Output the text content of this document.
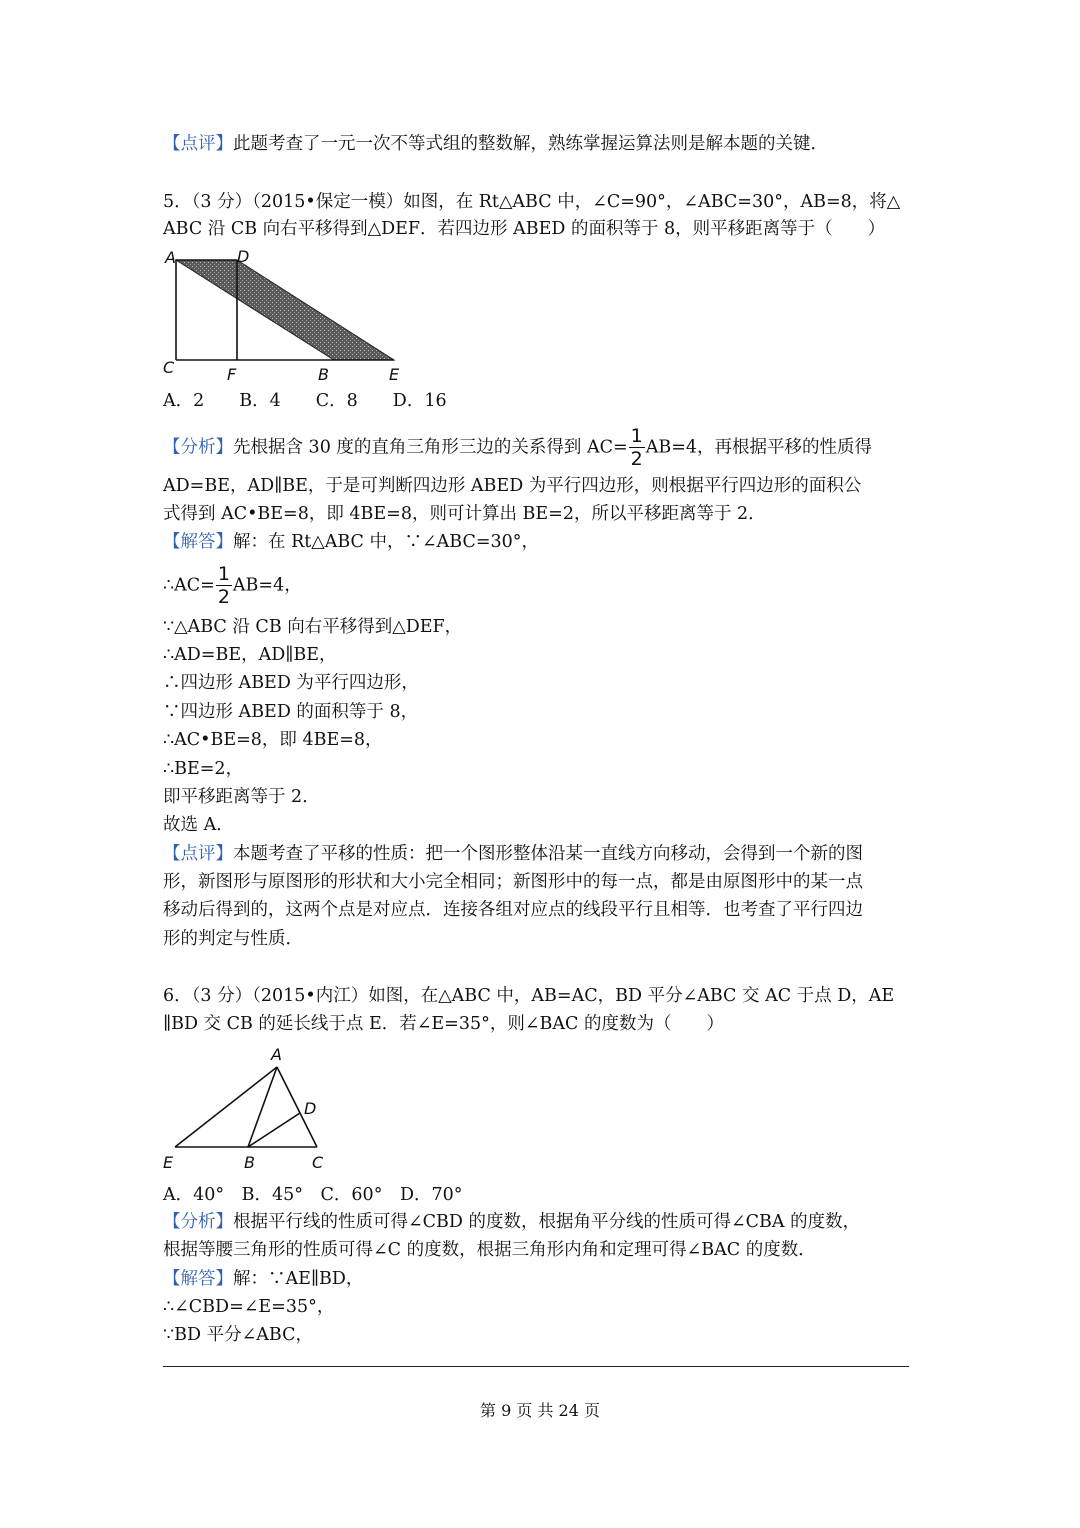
【点评】此题考查了一元一次不等式组的整数解，熟练掌握运算法则是解本题的关键．
5．（3 分）（2015•保定一模）如图，在 Rt△ABC 中，∠C=90°，∠ABC=30°，AB=8，将△
ABC 沿 CB 向右平移得到△DEF．若四边形 ABED 的面积等于 8，则平移距离等于（　　）
A	D
C	F	B	E
A．2　　B．4　　C．8　　D．16
【分析】先根据含 30 度的直角三角形三边的关系得到 $AC= \frac{1}{2} AB=4$，再根据平移的性质得
AD=BE，AD∥BE，于是可判断四边形 ABED 为平行四边形，则根据平行四边形的面积公
式得到 AC•BE=8，即 4BE=8，则可计算出 BE=2，所以平移距离等于 2．
【解答】解：在 Rt△ABC 中，∵∠ABC=30°，
∴AC= $\frac{1}{2} AB=4$，
∵△ABC 沿 CB 向右平移得到△DEF，
∴AD=BE，AD∥BE，
∴四边形 ABED 为平行四边形，
∵四边形 ABED 的面积等于 8，
∴AC•BE=8，即 4BE=8，
∴BE=2，
即平移距离等于 2．
故选 A．
【点评】本题考查了平移的性质：把一个图形整体沿某一直线方向移动，会得到一个新的图
形，新图形与原图形的形状和大小完全相同；新图形中的每一点，都是由原图形中的某一点
移动后得到的，这两个点是对应点．连接各组对应点的线段平行且相等．也考查了平行四边
形的判定与性质．
6．（3 分）（2015•内江）如图，在△ABC 中，AB=AC，BD 平分∠ABC 交 AC 于点 D，AE
∥BD 交 CB 的延长线于点 E．若∠E=35°，则∠BAC 的度数为（　　）
A
D
E	B	C
A．40°　B．45°　C．60°　D．70°
【分析】根据平行线的性质可得∠CBD 的度数，根据角平分线的性质可得∠CBA 的度数，
根据等腰三角形的性质可得∠C 的度数，根据三角形内角和定理可得∠BAC 的度数．
【解答】解：∵AE∥BD，
∴∠CBD=∠E=35°，
∵BD 平分∠ABC，
第 9 页 共 24 页
